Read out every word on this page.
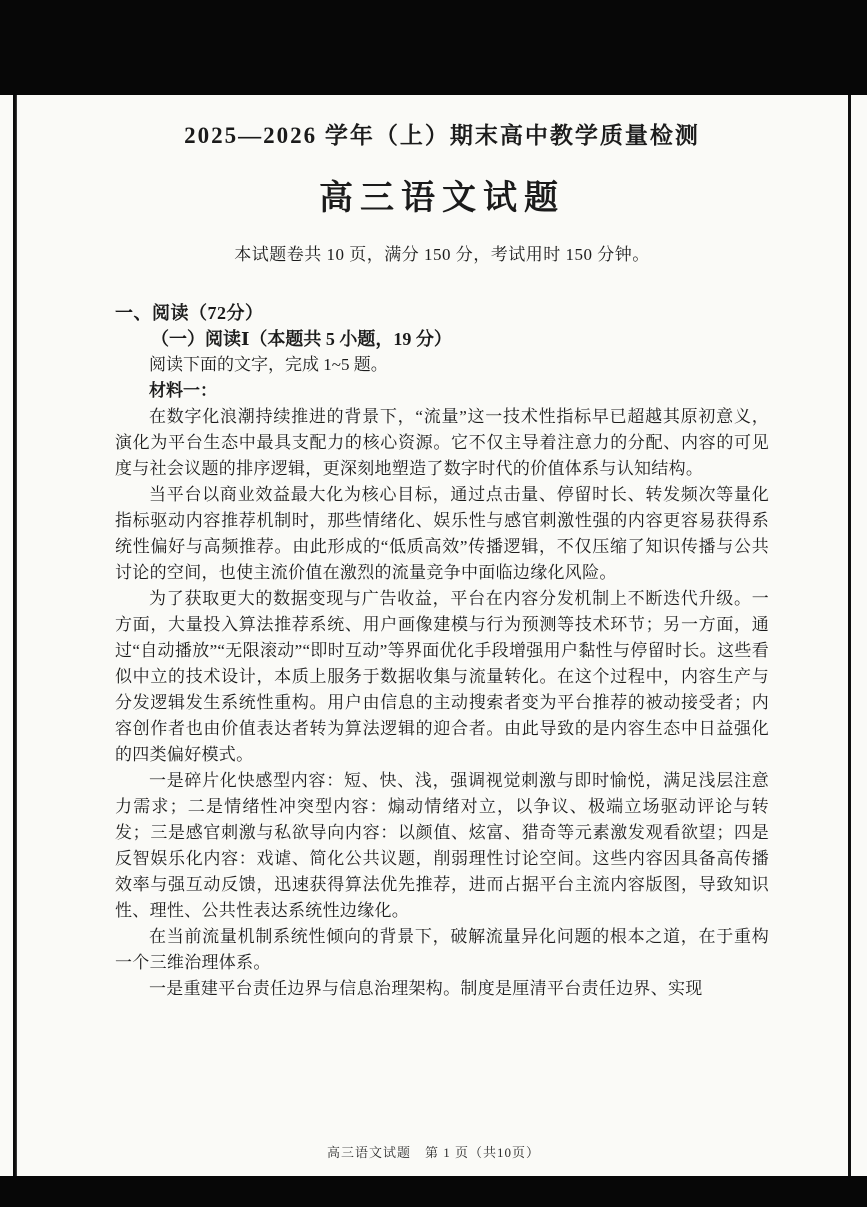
2025—2026 学年（上）期末高中教学质量检测
高三语文试题
本试题卷共 10 页，满分 150 分，考试用时 150 分钟。
一、阅读（72分）
（一）阅读Ⅰ（本题共 5 小题，19 分）
阅读下面的文字，完成 1~5 题。
材料一：

在数字化浪潮持续推进的背景下，“流量”这一技术性指标早已超越其原初意义，演化为平台生态中最具支配力的核心资源。它不仅主导着注意力的分配、内容的可见度与社会议题的排序逻辑，更深刻地塑造了数字时代的价值体系与认知结构。

当平台以商业效益最大化为核心目标，通过点击量、停留时长、转发频次等量化指标驱动内容推荐机制时，那些情绪化、娱乐性与感官刺激性强的内容更容易获得系统性偏好与高频推荐。由此形成的“低质高效”传播逻辑，不仅压缩了知识传播与公共讨论的空间，也使主流价值在激烈的流量竞争中面临边缘化风险。

为了获取更大的数据变现与广告收益，平台在内容分发机制上不断迭代升级。一方面，大量投入算法推荐系统、用户画像建模与行为预测等技术环节；另一方面，通过“自动播放”“无限滚动”“即时互动”等界面优化手段增强用户黏性与停留时长。这些看似中立的技术设计，本质上服务于数据收集与流量转化。在这个过程中，内容生产与分发逻辑发生系统性重构。用户由信息的主动搜索者变为平台推荐的被动接受者；内容创作者也由价值表达者转为算法逻辑的迎合者。由此导致的是内容生态中日益强化的四类偏好模式。

一是碎片化快感型内容：短、快、浅，强调视觉刺激与即时愉悦，满足浅层注意力需求；二是情绪性冲突型内容：煽动情绪对立，以争议、极端立场驱动评论与转发；三是感官刺激与私欲导向内容：以颜值、炫富、猎奇等元素激发观看欲望；四是反智娱乐化内容：戏谑、简化公共议题，削弱理性讨论空间。这些内容因具备高传播效率与强互动反馈，迅速获得算法优先推荐，进而占据平台主流内容版图，导致知识性、理性、公共性表达系统性边缘化。

在当前流量机制系统性倾向的背景下，破解流量异化问题的根本之道，在于重构一个三维治理体系。

一是重建平台责任边界与信息治理架构。制度是厘清平台责任边界、实现

高三语文试题　第 1 页（共10页）
